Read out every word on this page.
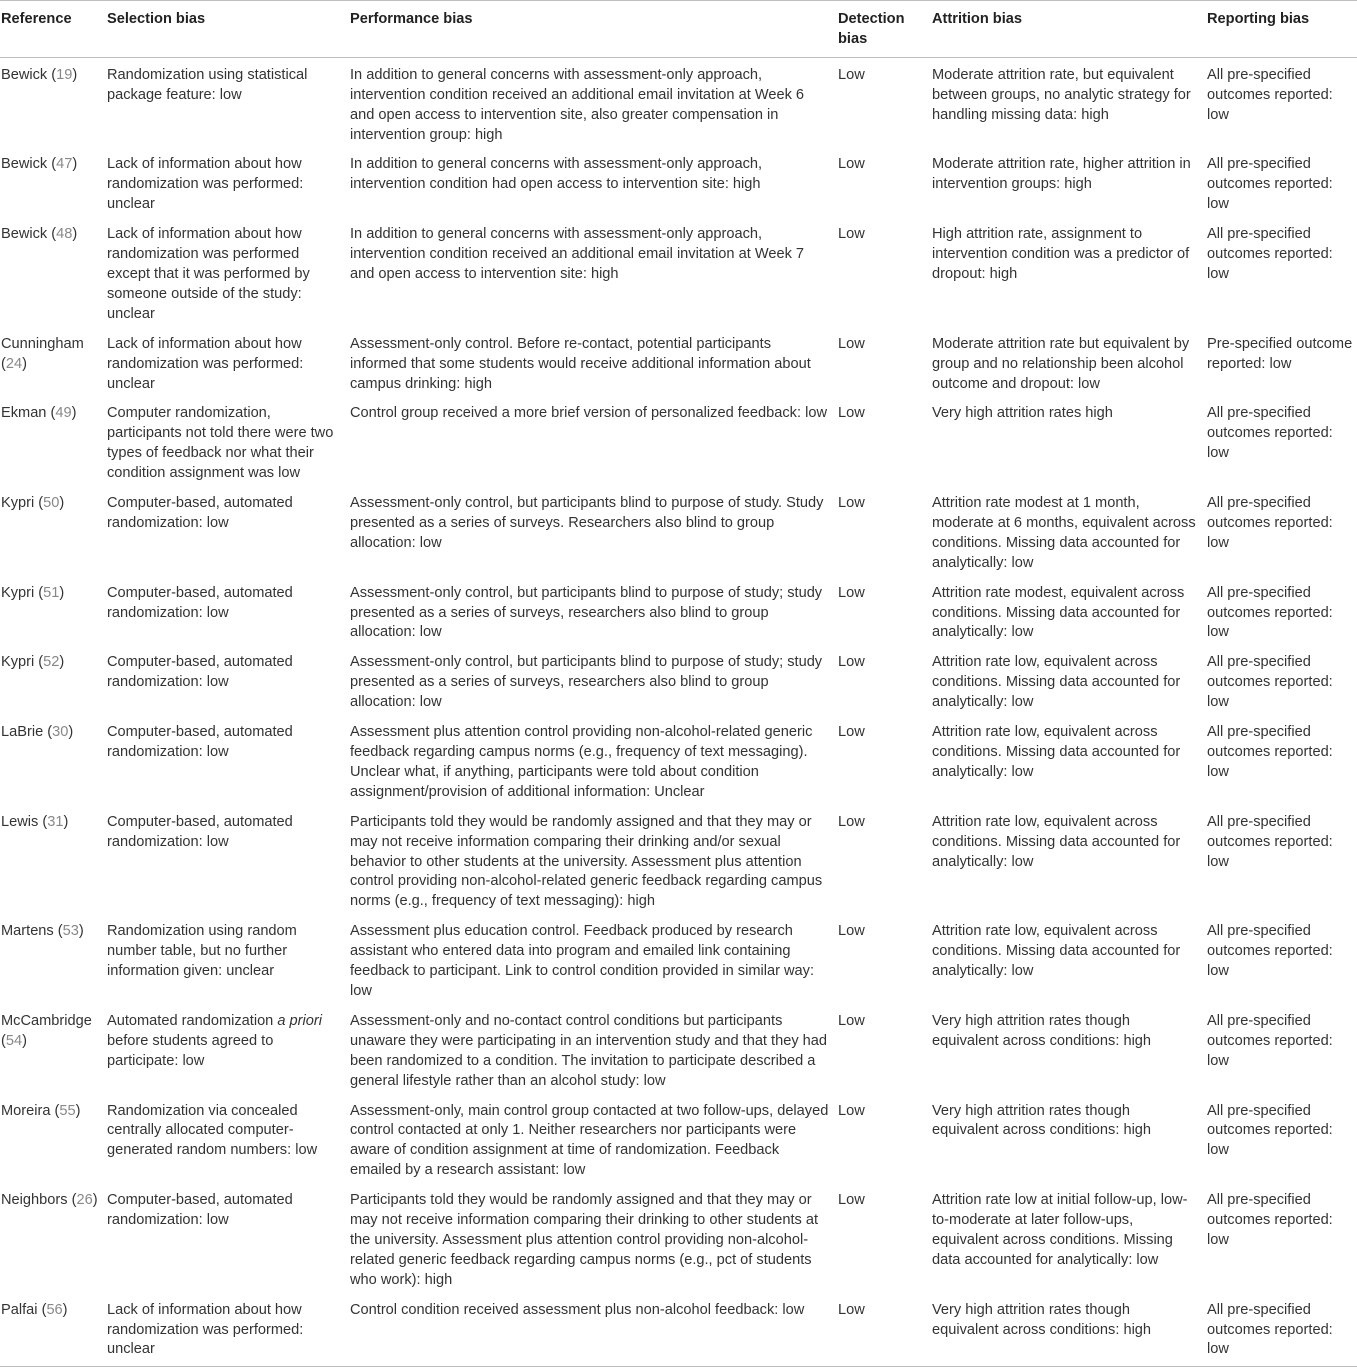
Reference	Selection bias	Performance bias	Detection bias	Attrition bias	Reporting bias
Bewick (19)	Randomization using statistical package feature: low	In addition to general concerns with assessment-only approach, intervention condition received an additional email invitation at Week 6 and open access to intervention site, also greater compensation in intervention group: high	Low	Moderate attrition rate, but equivalent between groups, no analytic strategy for handling missing data: high	All pre-specified outcomes reported: low
Bewick (47)	Lack of information about how randomization was performed: unclear	In addition to general concerns with assessment-only approach, intervention condition had open access to intervention site: high	Low	Moderate attrition rate, higher attrition in intervention groups: high	All pre-specified outcomes reported: low
Bewick (48)	Lack of information about how randomization was performed except that it was performed by someone outside of the study: unclear	In addition to general concerns with assessment-only approach, intervention condition received an additional email invitation at Week 7 and open access to intervention site: high	Low	High attrition rate, assignment to intervention condition was a predictor of dropout: high	All pre-specified outcomes reported: low
Cunningham (24)	Lack of information about how randomization was performed: unclear	Assessment-only control. Before re-contact, potential participants informed that some students would receive additional information about campus drinking: high	Low	Moderate attrition rate but equivalent by group and no relationship been alcohol outcome and dropout: low	Pre-specified outcome reported: low
Ekman (49)	Computer randomization, participants not told there were two types of feedback nor what their condition assignment was low	Control group received a more brief version of personalized feedback: low	Low	Very high attrition rates high	All pre-specified outcomes reported: low
Kypri (50)	Computer-based, automated randomization: low	Assessment-only control, but participants blind to purpose of study. Study presented as a series of surveys. Researchers also blind to group allocation: low	Low	Attrition rate modest at 1 month, moderate at 6 months, equivalent across conditions. Missing data accounted for analytically: low	All pre-specified outcomes reported: low
Kypri (51)	Computer-based, automated randomization: low	Assessment-only control, but participants blind to purpose of study; study presented as a series of surveys, researchers also blind to group allocation: low	Low	Attrition rate modest, equivalent across conditions. Missing data accounted for analytically: low	All pre-specified outcomes reported: low
Kypri (52)	Computer-based, automated randomization: low	Assessment-only control, but participants blind to purpose of study; study presented as a series of surveys, researchers also blind to group allocation: low	Low	Attrition rate low, equivalent across conditions. Missing data accounted for analytically: low	All pre-specified outcomes reported: low
LaBrie (30)	Computer-based, automated randomization: low	Assessment plus attention control providing non-alcohol-related generic feedback regarding campus norms (e.g., frequency of text messaging). Unclear what, if anything, participants were told about condition assignment/provision of additional information: Unclear	Low	Attrition rate low, equivalent across conditions. Missing data accounted for analytically: low	All pre-specified outcomes reported: low
Lewis (31)	Computer-based, automated randomization: low	Participants told they would be randomly assigned and that they may or may not receive information comparing their drinking and/or sexual behavior to other students at the university. Assessment plus attention control providing non-alcohol-related generic feedback regarding campus norms (e.g., frequency of text messaging): high	Low	Attrition rate low, equivalent across conditions. Missing data accounted for analytically: low	All pre-specified outcomes reported: low
Martens (53)	Randomization using random number table, but no further information given: unclear	Assessment plus education control. Feedback produced by research assistant who entered data into program and emailed link containing feedback to participant. Link to control condition provided in similar way: low	Low	Attrition rate low, equivalent across conditions. Missing data accounted for analytically: low	All pre-specified outcomes reported: low
McCambridge (54)	Automated randomization a priori before students agreed to participate: low	Assessment-only and no-contact control conditions but participants unaware they were participating in an intervention study and that they had been randomized to a condition. The invitation to participate described a general lifestyle rather than an alcohol study: low	Low	Very high attrition rates though equivalent across conditions: high	All pre-specified outcomes reported: low
Moreira (55)	Randomization via concealed centrally allocated computer-generated random numbers: low	Assessment-only, main control group contacted at two follow-ups, delayed control contacted at only 1. Neither researchers nor participants were aware of condition assignment at time of randomization. Feedback emailed by a research assistant: low	Low	Very high attrition rates though equivalent across conditions: high	All pre-specified outcomes reported: low
Neighbors (26)	Computer-based, automated randomization: low	Participants told they would be randomly assigned and that they may or may not receive information comparing their drinking to other students at the university. Assessment plus attention control providing non-alcohol-related generic feedback regarding campus norms (e.g., pct of students who work): high	Low	Attrition rate low at initial follow-up, low-to-moderate at later follow-ups, equivalent across conditions. Missing data accounted for analytically: low	All pre-specified outcomes reported: low
Palfai (56)	Lack of information about how randomization was performed: unclear	Control condition received assessment plus non-alcohol feedback: low	Low	Very high attrition rates though equivalent across conditions: high	All pre-specified outcomes reported: low
